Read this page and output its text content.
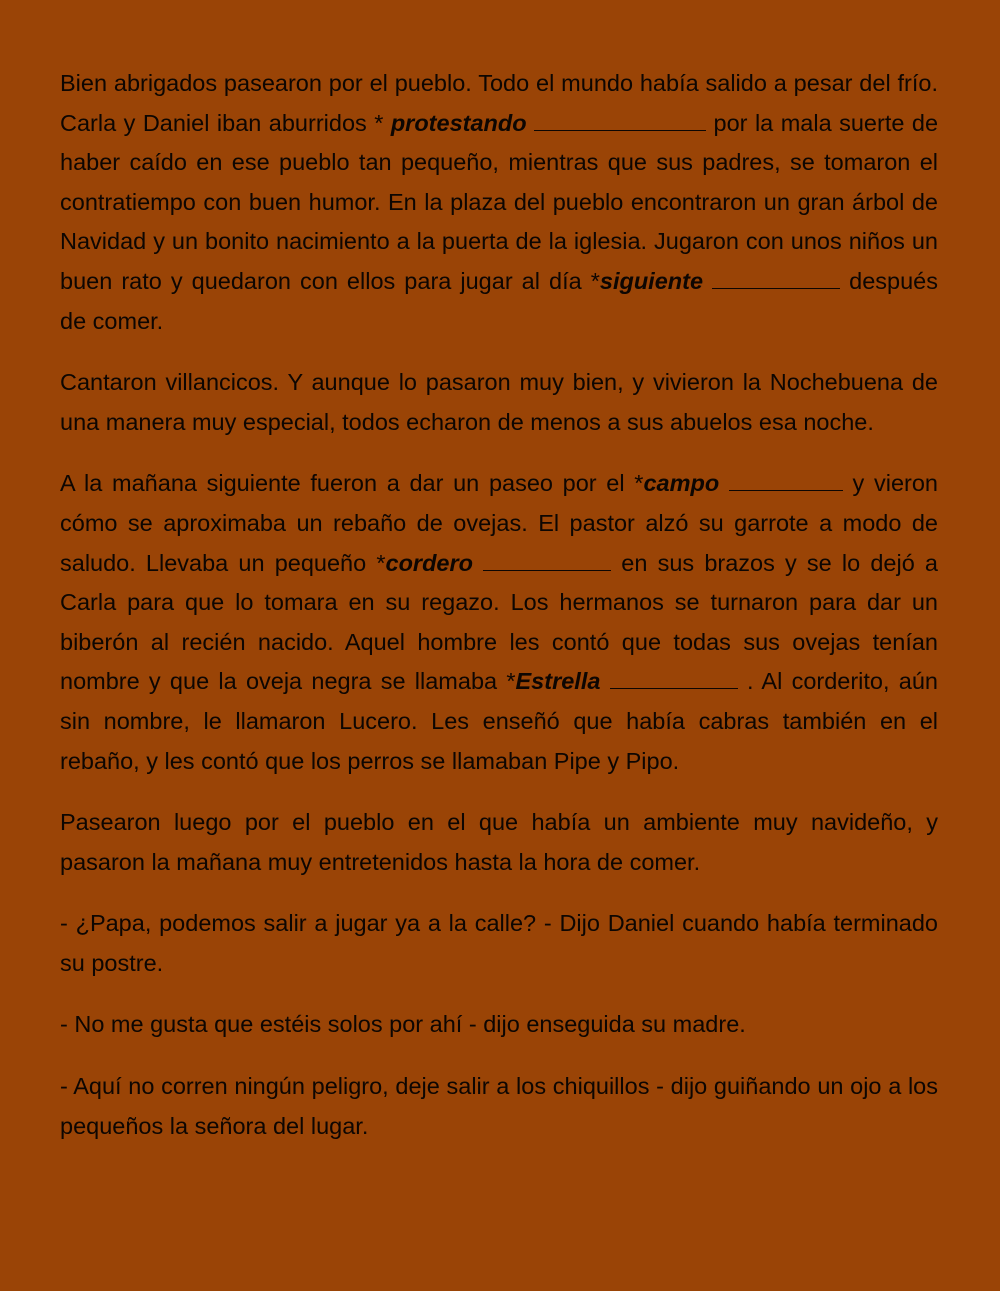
Bien abrigados pasearon por el pueblo. Todo el mundo había salido a pesar del frío. Carla y Daniel iban aburridos * protestando	por la mala suerte de haber caído en ese pueblo tan pequeño, mientras que sus padres, se tomaron el contratiempo con buen humor. En la plaza del pueblo encontraron un gran árbol de Navidad y un bonito nacimiento a la puerta de la iglesia. Jugaron con unos niños un buen rato y quedaron con ellos para jugar al día *siguiente	después de comer.

Cantaron villancicos. Y aunque lo pasaron muy bien, y vivieron la Nochebuena de una manera muy especial, todos echaron de menos a sus abuelos esa noche.

A la mañana siguiente fueron a dar un paseo por el *campo	y vieron cómo se aproximaba un rebaño de ovejas. El pastor alzó su garrote a modo de saludo. Llevaba un pequeño *cordero	en sus brazos y se lo dejó a Carla para que lo tomara en su regazo. Los hermanos se turnaron para dar un biberón al recién nacido. Aquel hombre les contó que todas sus ovejas tenían nombre y que la oveja negra se llamaba *Estrella	. Al corderito, aún sin nombre, le llamaron Lucero. Les enseñó que había cabras también en el rebaño, y les contó que los perros se llamaban Pipe y Pipo.

Pasearon luego por el pueblo en el que había un ambiente muy navideño, y pasaron la mañana muy entretenidos hasta la hora de comer.

- ¿Papa, podemos salir a jugar ya a la calle? - Dijo Daniel cuando había terminado su postre.

- No me gusta que estéis solos por ahí - dijo enseguida su madre.

- Aquí no corren ningún peligro, deje salir a los chiquillos - dijo guiñando un ojo a los pequeños la señora del lugar.
